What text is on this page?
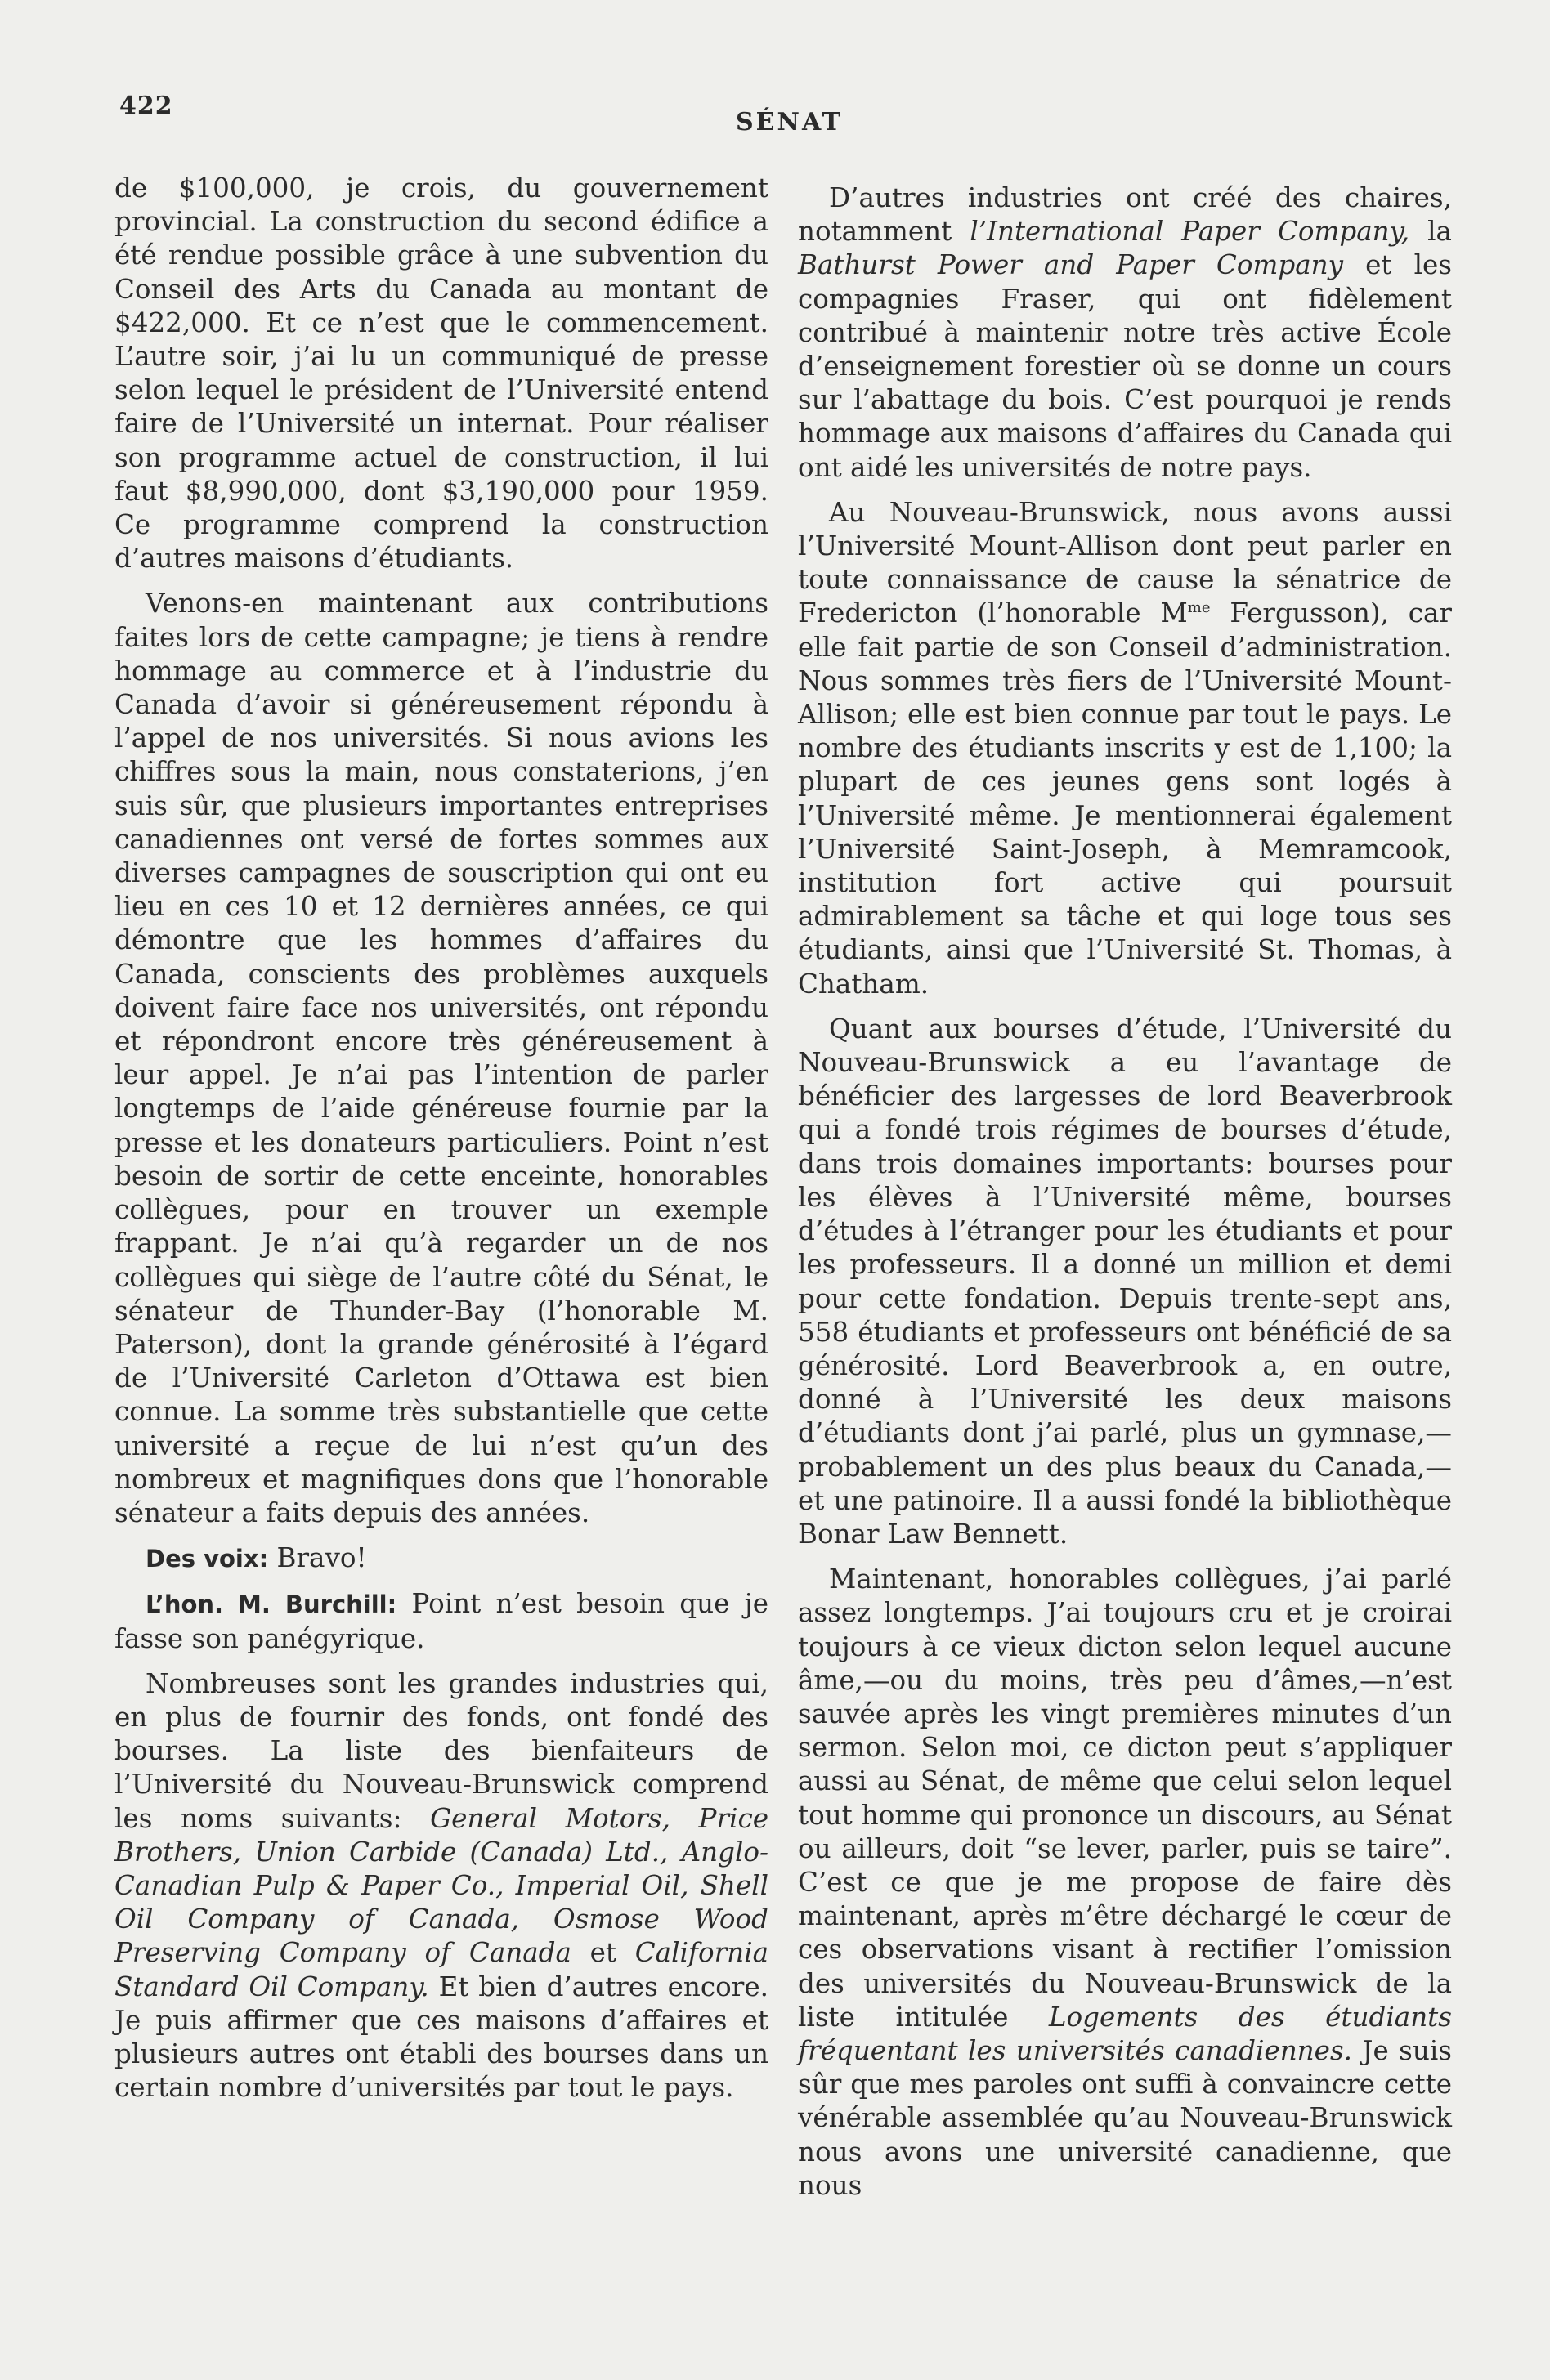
422
SÉNAT

de $100,000, je crois, du gouvernement provincial. La construction du second édifice a été rendue possible grâce à une subvention du Conseil des Arts du Canada au montant de $422,000. Et ce n’est que le commencement. L’autre soir, j’ai lu un communiqué de presse selon lequel le président de l’Université entend faire de l’Université un internat. Pour réaliser son programme actuel de construction, il lui faut $8,990,000, dont $3,190,000 pour 1959. Ce programme comprend la construction d’autres maisons d’étudiants.

Venons-en maintenant aux contributions faites lors de cette campagne; je tiens à rendre hommage au commerce et à l’industrie du Canada d’avoir si généreusement répondu à l’appel de nos universités. Si nous avions les chiffres sous la main, nous constaterions, j’en suis sûr, que plusieurs importantes entreprises canadiennes ont versé de fortes sommes aux diverses campagnes de souscription qui ont eu lieu en ces 10 et 12 dernières années, ce qui démontre que les hommes d’affaires du Canada, conscients des problèmes auxquels doivent faire face nos universités, ont répondu et répondront encore très généreusement à leur appel. Je n’ai pas l’intention de parler longtemps de l’aide généreuse fournie par la presse et les donateurs particuliers. Point n’est besoin de sortir de cette enceinte, honorables collègues, pour en trouver un exemple frappant. Je n’ai qu’à regarder un de nos collègues qui siège de l’autre côté du Sénat, le sénateur de Thunder-Bay (l’honorable M. Paterson), dont la grande générosité à l’égard de l’Université Carleton d’Ottawa est bien connue. La somme très substantielle que cette université a reçue de lui n’est qu’un des nombreux et magnifiques dons que l’honorable sénateur a faits depuis des années.

Des voix: Bravo!

L’hon. M. Burchill: Point n’est besoin que je fasse son panégyrique.

Nombreuses sont les grandes industries qui, en plus de fournir des fonds, ont fondé des bourses. La liste des bienfaiteurs de l’Université du Nouveau-Brunswick comprend les noms suivants: General Motors, Price Brothers, Union Carbide (Canada) Ltd., Anglo-Canadian Pulp & Paper Co., Imperial Oil, Shell Oil Company of Canada, Osmose Wood Preserving Company of Canada et California Standard Oil Company. Et bien d’autres encore. Je puis affirmer que ces maisons d’affaires et plusieurs autres ont établi des bourses dans un certain nombre d’universités par tout le pays.

D’autres industries ont créé des chaires, notamment l’International Paper Company, la Bathurst Power and Paper Company et les compagnies Fraser, qui ont fidèlement contribué à maintenir notre très active École d’enseignement forestier où se donne un cours sur l’abattage du bois. C’est pourquoi je rends hommage aux maisons d’affaires du Canada qui ont aidé les universités de notre pays.

Au Nouveau-Brunswick, nous avons aussi l’Université Mount-Allison dont peut parler en toute connaissance de cause la sénatrice de Fredericton (l’honorable $M^{me}$ Fergusson), car elle fait partie de son Conseil d’administration. Nous sommes très fiers de l’Université Mount-Allison; elle est bien connue par tout le pays. Le nombre des étudiants inscrits y est de 1,100; la plupart de ces jeunes gens sont logés à l’Université même. Je mentionnerai également l’Université Saint-Joseph, à Memramcook, institution fort active qui poursuit admirablement sa tâche et qui loge tous ses étudiants, ainsi que l’Université St. Thomas, à Chatham.

Quant aux bourses d’étude, l’Université du Nouveau-Brunswick a eu l’avantage de bénéficier des largesses de lord Beaverbrook qui a fondé trois régimes de bourses d’étude, dans trois domaines importants: bourses pour les élèves à l’Université même, bourses d’études à l’étranger pour les étudiants et pour les professeurs. Il a donné un million et demi pour cette fondation. Depuis trente-sept ans, 558 étudiants et professeurs ont bénéficié de sa générosité. Lord Beaverbrook a, en outre, donné à l’Université les deux maisons d’étudiants dont j’ai parlé, plus un gymnase,—probablement un des plus beaux du Canada,—et une patinoire. Il a aussi fondé la bibliothèque Bonar Law Bennett.

Maintenant, honorables collègues, j’ai parlé assez longtemps. J’ai toujours cru et je croirai toujours à ce vieux dicton selon lequel aucune âme,—ou du moins, très peu d’âmes,—n’est sauvée après les vingt premières minutes d’un sermon. Selon moi, ce dicton peut s’appliquer aussi au Sénat, de même que celui selon lequel tout homme qui prononce un discours, au Sénat ou ailleurs, doit “se lever, parler, puis se taire”. C’est ce que je me propose de faire dès maintenant, après m’être déchargé le cœur de ces observations visant à rectifier l’omission des universités du Nouveau-Brunswick de la liste intitulée Logements des étudiants fréquentant les universités canadiennes. Je suis sûr que mes paroles ont suffi à convaincre cette vénérable assemblée qu’au Nouveau-Brunswick nous avons une université canadienne, que nous
